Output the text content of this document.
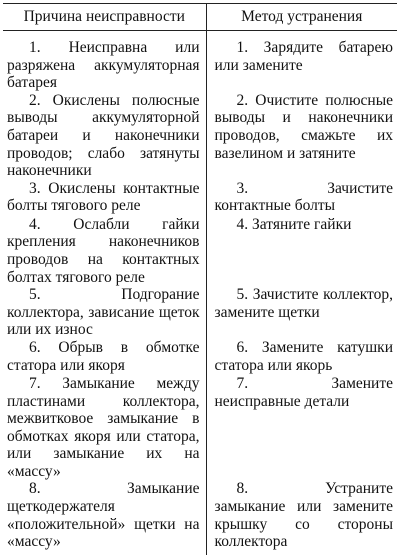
Причина неисправности	Метод устранения

1. Неисправна или разряжена аккумуляторная батарея	1. Зарядите батарею или замените

2. Окислены полюсные выводы аккумуляторной батареи и наконечники проводов; слабо затянуты наконечники	2. Очистите полюсные выводы и наконечники проводов, смажьте их вазелином и затяните

3. Окислены контактные болты тягового реле	3. Зачистите контактные болты

4. Ослабли гайки крепления наконечников проводов на контактных болтах тягового реле	4. Затяните гайки

5. Подгорание коллектора, зависание щеток или их износ	5. Зачистите коллектор, замените щетки

6. Обрыв в обмотке статора или якоря	6. Замените катушки статора или якорь

7. Замыкание между пластинами коллектора, межвитковое замыкание в обмотках якоря или статора, или замыкание их на «массу»	7. Замените неисправные детали

8. Замыкание щеткодержателя «положительной» щетки на «массу»	8. Устраните замыкание или замените крышку со стороны коллектора
